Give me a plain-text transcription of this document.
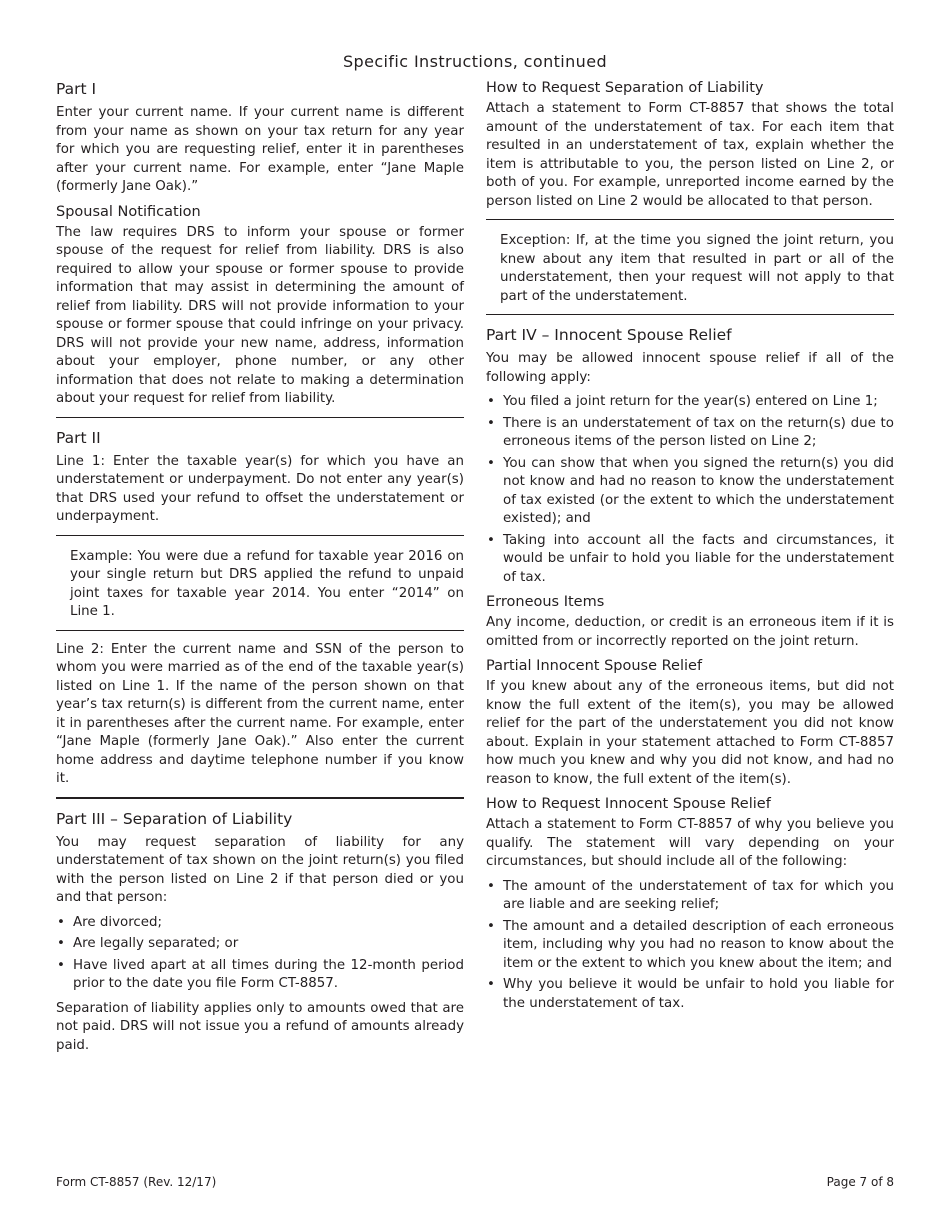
Specific Instructions, continued
Part I

Enter your current name. If your current name is different from your name as shown on your tax return for any year for which you are requesting relief, enter it in parentheses after your current name. For example, enter “Jane Maple (formerly Jane Oak).”

Spousal Notification

The law requires DRS to inform your spouse or former spouse of the request for relief from liability. DRS is also required to allow your spouse or former spouse to provide information that may assist in determining the amount of relief from liability. DRS will not provide information to your spouse or former spouse that could infringe on your privacy. DRS will not provide your new name, address, information about your employer, phone number, or any other information that does not relate to making a determination about your request for relief from liability.

Part II

Line 1: Enter the taxable year(s) for which you have an understatement or underpayment. Do not enter any year(s) that DRS used your refund to offset the understatement or underpayment.

Example: You were due a refund for taxable year 2016 on your single return but DRS applied the refund to unpaid joint taxes for taxable year 2014. You enter “2014” on Line 1.

Line 2: Enter the current name and SSN of the person to whom you were married as of the end of the taxable year(s) listed on Line 1. If the name of the person shown on that year’s tax return(s) is different from the current name, enter it in parentheses after the current name. For example, enter “Jane Maple (formerly Jane Oak).” Also enter the current home address and daytime telephone number if you know it.

Part III – Separation of Liability

You may request separation of liability for any understatement of tax shown on the joint return(s) you filed with the person listed on Line 2 if that person died or you and that person:

• Are divorced;
• Are legally separated; or
• Have lived apart at all times during the 12-month period prior to the date you file Form CT-8857.

Separation of liability applies only to amounts owed that are not paid. DRS will not issue you a refund of amounts already paid.

How to Request Separation of Liability

Attach a statement to Form CT-8857 that shows the total amount of the understatement of tax. For each item that resulted in an understatement of tax, explain whether the item is attributable to you, the person listed on Line 2, or both of you. For example, unreported income earned by the person listed on Line 2 would be allocated to that person.

Exception: If, at the time you signed the joint return, you knew about any item that resulted in part or all of the understatement, then your request will not apply to that part of the understatement.

Part IV – Innocent Spouse Relief

You may be allowed innocent spouse relief if all of the following apply:

• You filed a joint return for the year(s) entered on Line 1;
• There is an understatement of tax on the return(s) due to erroneous items of the person listed on Line 2;
• You can show that when you signed the return(s) you did not know and had no reason to know the understatement of tax existed (or the extent to which the understatement existed); and
• Taking into account all the facts and circumstances, it would be unfair to hold you liable for the understatement of tax.
Erroneous Items

Any income, deduction, or credit is an erroneous item if it is omitted from or incorrectly reported on the joint return.

Partial Innocent Spouse Relief

If you knew about any of the erroneous items, but did not know the full extent of the item(s), you may be allowed relief for the part of the understatement you did not know about. Explain in your statement attached to Form CT-8857 how much you knew and why you did not know, and had no reason to know, the full extent of the item(s).

How to Request Innocent Spouse Relief

Attach a statement to Form CT-8857 of why you believe you qualify. The statement will vary depending on your circumstances, but should include all of the following:

• The amount of the understatement of tax for which you are liable and are seeking relief;
• The amount and a detailed description of each erroneous item, including why you had no reason to know about the item or the extent to which you knew about the item; and
• Why you believe it would be unfair to hold you liable for the understatement of tax.
Form CT-8857 (Rev. 12/17)	Page 7 of 8
